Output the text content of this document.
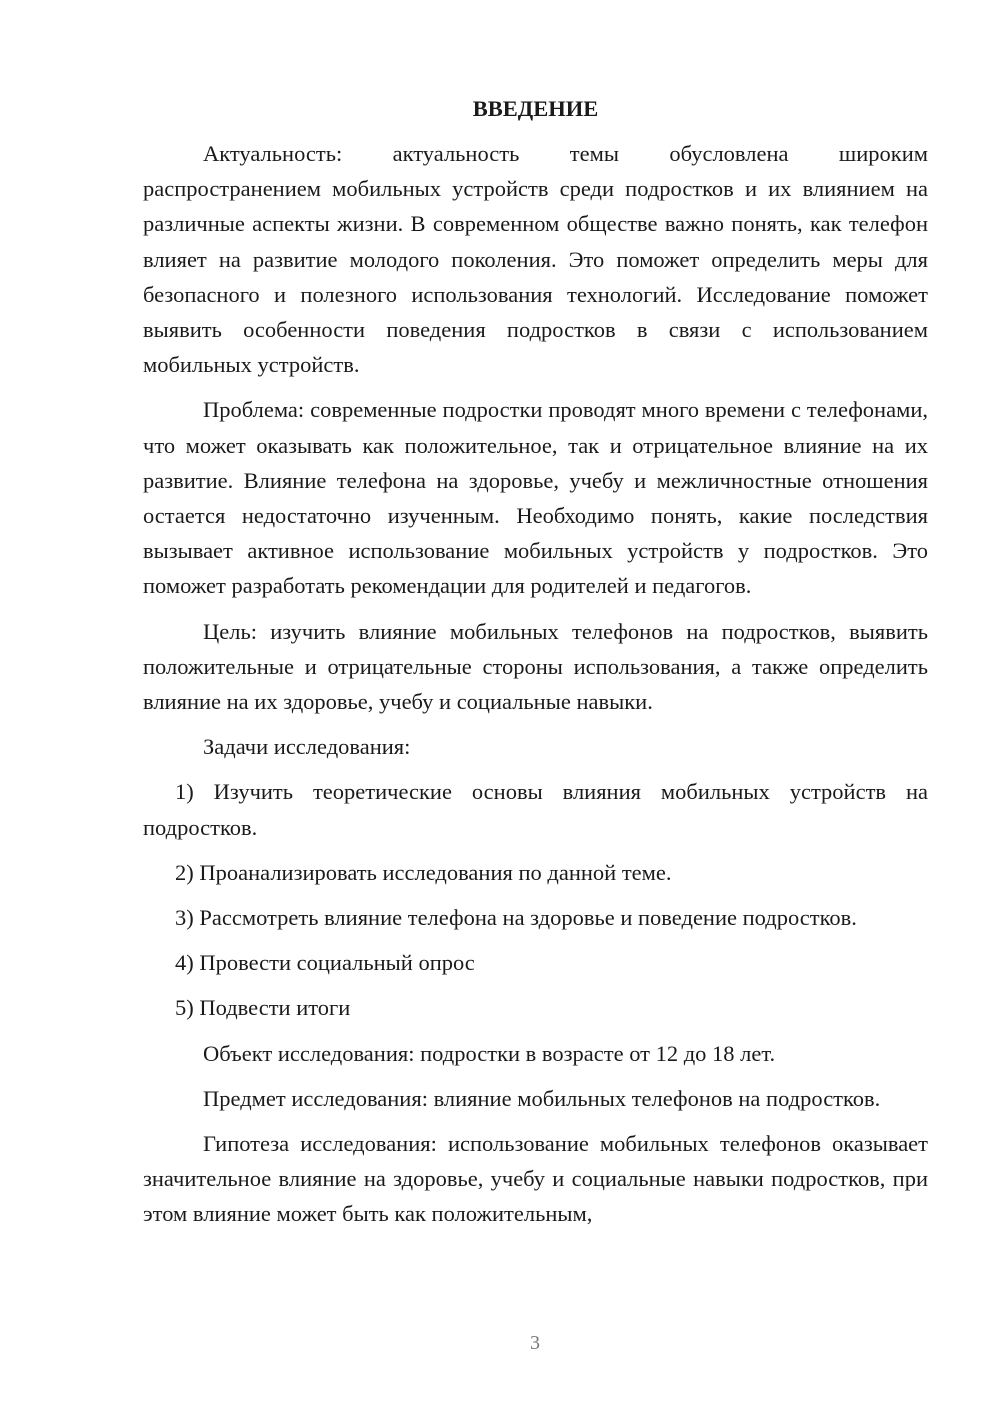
ВВЕДЕНИЕ

Актуальность: актуальность темы обусловлена широким распространением мобильных устройств среди подростков и их влиянием на различные аспекты жизни. В современном обществе важно понять, как телефон влияет на развитие молодого поколения. Это поможет определить меры для безопасного и полезного использования технологий. Исследование поможет выявить особенности поведения подростков в связи с использованием мобильных устройств.

Проблема: современные подростки проводят много времени с телефонами, что может оказывать как положительное, так и отрицательное влияние на их развитие. Влияние телефона на здоровье, учебу и межличностные отношения остается недостаточно изученным. Необходимо понять, какие последствия вызывает активное использование мобильных устройств у подростков. Это поможет разработать рекомендации для родителей и педагогов.

Цель: изучить влияние мобильных телефонов на подростков, выявить положительные и отрицательные стороны использования, а также определить влияние на их здоровье, учебу и социальные навыки.

Задачи исследования:

1) Изучить теоретические основы влияния мобильных устройств на подростков.

2) Проанализировать исследования по данной теме.

3) Рассмотреть влияние телефона на здоровье и поведение подростков.

4) Провести социальный опрос

5) Подвести итоги

Объект исследования: подростки в возрасте от 12 до 18 лет.

Предмет исследования: влияние мобильных телефонов на подростков.

Гипотеза исследования: использование мобильных телефонов оказывает значительное влияние на здоровье, учебу и социальные навыки подростков, при этом влияние может быть как положительным,

3
